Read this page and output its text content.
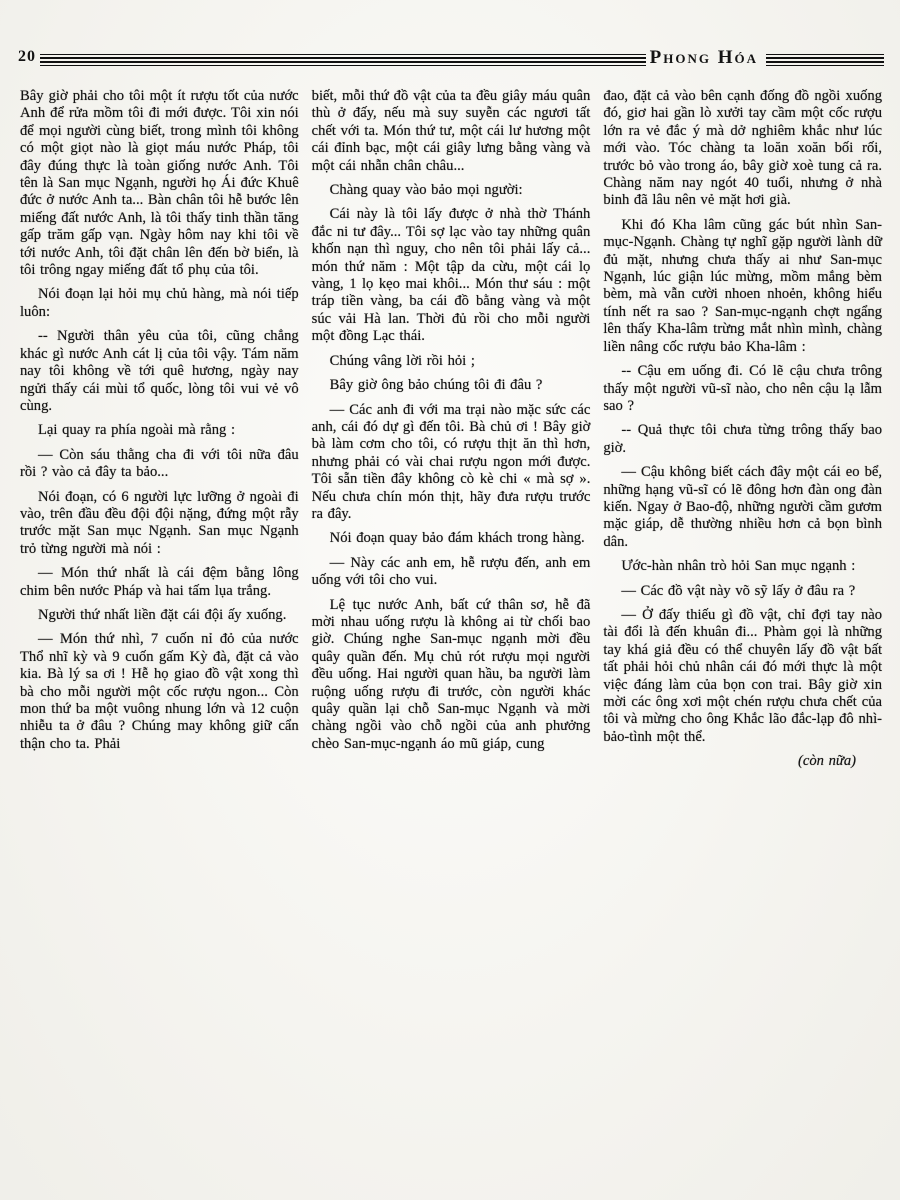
20	Phong Hóa

Bây giờ phải cho tôi một ít rượu tốt của nước Anh để rửa mồm tôi đi mới được. Tôi xin nói để mọi người cùng biết, trong mình tôi không có một giọt nào là giọt máu nước Pháp, tôi đây đúng thực là toàn giống nước Anh. Tôi tên là San mục Ngạnh, người họ Ái đức Khuê đức ở nước Anh ta... Bàn chân tôi hễ bước lên miếng đất nước Anh, là tôi thấy tinh thần tăng gấp trăm gấp vạn. Ngày hôm nay khi tôi về tới nước Anh, tôi đặt chân lên đến bờ biển, là tôi trông ngay miếng đất tổ phụ của tôi.

Nói đoạn lại hỏi mụ chủ hàng, mà nói tiếp luôn:

-- Người thân yêu của tôi, cũng chẳng khác gì nước Anh cát lị của tôi vậy. Tám năm nay tôi không về tới quê hương, ngày nay ngửi thấy cái mùi tổ quốc, lòng tôi vui vẻ vô cùng.

Lại quay ra phía ngoài mà rằng :

— Còn sáu thằng cha đi với tôi nữa đâu rồi ? vào cả đây ta bảo...

Nói đoạn, có 6 người lực lưỡng ở ngoài đi vào, trên đầu đều đội đội nặng, đứng một rẫy trước mặt San mục Ngạnh. San mục Ngạnh trỏ từng người mà nói :

— Món thứ nhất là cái đệm bằng lông chim bên nước Pháp và hai tấm lụa trắng.

Người thứ nhất liền đặt cái đội ấy xuống.

— Món thứ nhì, 7 cuốn nỉ đỏ của nước Thổ nhĩ kỳ và 9 cuốn gấm Kỳ đà, đặt cả vào kia. Bà lý sa ơi ! Hễ họ giao đồ vật xong thì bà cho mỗi người một cốc rượu ngon... Còn mon thứ ba một vuông nhung lớn và 12 cuộn nhiễu ta ở đâu ? Chúng may không giữ cẩn thận cho ta. Phải

biết, mỗi thứ đồ vật của ta đều giây máu quân thù ở đấy, nếu mà suy suyễn các ngươi tất chết với ta. Món thứ tư, một cái lư hương một cái đỉnh bạc, một cái giây lưng bằng vàng và một cái nhẫn chân châu...

Chàng quay vào bảo mọi người:

Cái này là tôi lấy được ở nhà thờ Thánh đắc ni tư đây... Tôi sợ lạc vào tay những quân khốn nạn thì nguy, cho nên tôi phải lấy cả... món thứ năm : Một tập da cừu, một cái lọ vàng, 1 lọ kẹo mai khôi... Món thư sáu : một tráp tiền vàng, ba cái đồ bằng vàng và một súc vải Hà lan. Thời đủ rồi cho mỗi người một đồng Lạc thái.

Chúng vâng lời rồi hỏi ;

Bây giờ ông bảo chúng tôi đi đâu ?

— Các anh đi với ma trại nào mặc sức các anh, cái đó dự gì đến tôi. Bà chủ ơi ! Bây giờ bà làm cơm cho tôi, có rượu thịt ăn thì hơn, nhưng phải có vài chai rượu ngon mới được. Tôi sẵn tiền đây không cò kè chi « mà sợ ». Nếu chưa chín món thịt, hãy đưa rượu trước ra đây.

Nói đoạn quay bảo đám khách trong hàng.

— Này các anh em, hễ rượu đến, anh em uống với tôi cho vui.

Lệ tục nước Anh, bất cứ thân sơ, hễ đã mời nhau uống rượu là không ai từ chối bao giờ. Chúng nghe San-mục ngạnh mời đều quây quần đến. Mụ chủ rót rượu mọi người đều uống. Hai người quan hầu, ba người làm ruộng uống rượu đi trước, còn người khác quây quần lại chỗ San-mục Ngạnh và mời chàng ngồi vào chỗ ngồi của anh phưởng chèo San-mục-ngạnh áo mũ giáp, cung

đao, đặt cả vào bên cạnh đống đồ ngồi xuống đó, giơ hai gần lò xưởi tay cầm một cốc rượu lớn ra vẻ đắc ý mà dở nghiêm khắc như lúc mới vào. Tóc chàng ta loăn xoăn bối rối, trước bỏ vào trong áo, bây giờ xoè tung cả ra. Chàng năm nay ngót 40 tuổi, nhưng ở nhà binh đã lâu nên vẻ mặt hơi già.

Khi đó Kha lâm cũng gác bút nhìn San-mục-Ngạnh. Chàng tự nghĩ gặp người lành dữ đủ mặt, nhưng chưa thấy ai như San-mục Ngạnh, lúc giận lúc mừng, mồm mắng bèm bèm, mà vẫn cười nhoen nhoẻn, không hiểu tính nết ra sao ? San-mục-ngạnh chợt ngẩng lên thấy Kha-lâm trừng mắt nhìn mình, chàng liền nâng cốc rượu bảo Kha-lâm :

-- Cậu em uống đi. Có lẽ cậu chưa trông thấy một người vũ-sĩ nào, cho nên cậu lạ lẫm sao ?

-- Quả thực tôi chưa từng trông thấy bao giờ.

— Cậu không biết cách đây một cái eo bể, những hạng vũ-sĩ có lẽ đông hơn đàn ong đàn kiến. Ngay ở Bao-độ, những người cầm gươm mặc giáp, dễ thường nhiều hơn cả bọn bình dân.

Ước-hàn nhân trò hỏi San mục ngạnh :

— Các đồ vật này võ sỹ lấy ở đâu ra ?

— Ở đấy thiếu gì đồ vật, chỉ đợi tay nào tài đổi là đến khuân đi... Phàm gọi là những tay khá giả đều có thể chuyên lấy đồ vật bất tất phải hỏi chủ nhân cái đó mới thực là một việc đáng làm của bọn con trai. Bây giờ xin mời các ông xơi một chén rượu chưa chết của tôi và mừng cho ông Khắc lão đắc-lạp đô nhì-bảo-tình một thể.

(còn nữa)
